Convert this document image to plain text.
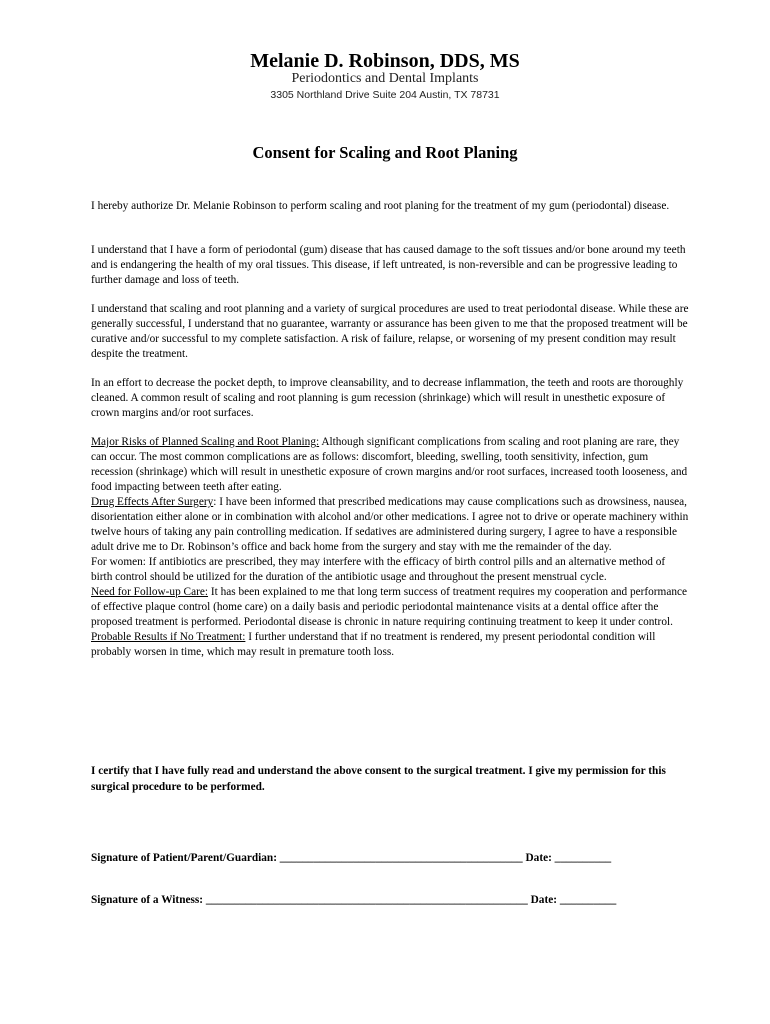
Melanie D. Robinson, DDS, MS
Periodontics and Dental Implants
3305 Northland Drive Suite 204 Austin, TX 78731
Consent for Scaling and Root Planing

I hereby authorize Dr. Melanie Robinson to perform scaling and root planing for the treatment of my gum (periodontal) disease.

I understand that I have a form of periodontal (gum) disease that has caused damage to the soft tissues and/or bone around my teeth and is endangering the health of my oral tissues. This disease, if left untreated, is non-reversible and can be progressive leading to further damage and loss of teeth.

I understand that scaling and root planning and a variety of surgical procedures are used to treat periodontal disease. While these are generally successful, I understand that no guarantee, warranty or assurance has been given to me that the proposed treatment will be curative and/or successful to my complete satisfaction. A risk of failure, relapse, or worsening of my present condition may result despite the treatment.

In an effort to decrease the pocket depth, to improve cleansability, and to decrease inflammation, the teeth and roots are thoroughly cleaned. A common result of scaling and root planning is gum recession (shrinkage) which will result in unesthetic exposure of crown margins and/or root surfaces.

Major Risks of Planned Scaling and Root Planing: Although significant complications from scaling and root planing are rare, they can occur. The most common complications are as follows: discomfort, bleeding, swelling, tooth sensitivity, infection, gum recession (shrinkage) which will result in unesthetic exposure of crown margins and/or root surfaces, increased tooth looseness, and food impacting between teeth after eating.

Drug Effects After Surgery: I have been informed that prescribed medications may cause complications such as drowsiness, nausea, disorientation either alone or in combination with alcohol and/or other medications. I agree not to drive or operate machinery within twelve hours of taking any pain controlling medication. If sedatives are administered during surgery, I agree to have a responsible adult drive me to Dr. Robinson’s office and back home from the surgery and stay with me the remainder of the day.

For women: If antibiotics are prescribed, they may interfere with the efficacy of birth control pills and an alternative method of birth control should be utilized for the duration of the antibiotic usage and throughout the present menstrual cycle.

Need for Follow-up Care: It has been explained to me that long term success of treatment requires my cooperation and performance of effective plaque control (home care) on a daily basis and periodic periodontal maintenance visits at a dental office after the proposed treatment is performed. Periodontal disease is chronic in nature requiring continuing treatment to keep it under control.

Probable Results if No Treatment: I further understand that if no treatment is rendered, my present periodontal condition will probably worsen in time, which may result in premature tooth loss.

I certify that I have fully read and understand the above consent to the surgical treatment. I give my permission for this surgical procedure to be performed.
Signature of Patient/Parent/Guardian: ___________________________________________ Date: __________
Signature of a Witness: _________________________________________________________ Date: __________
